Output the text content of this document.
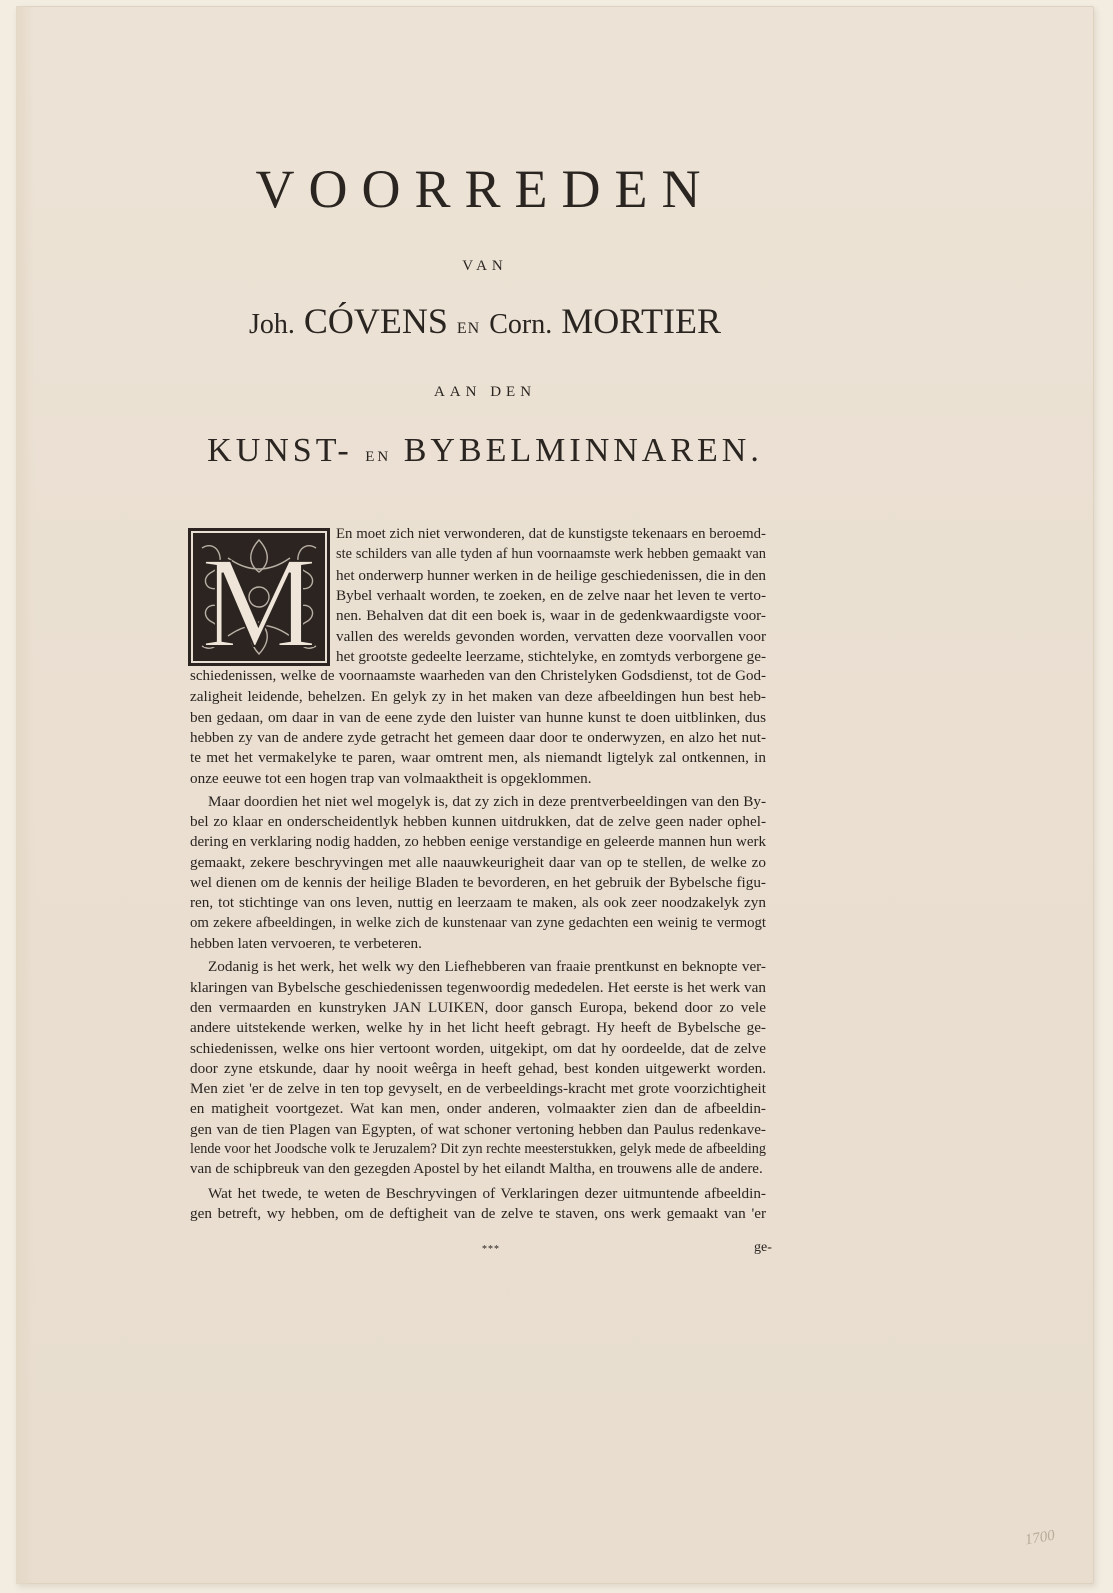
VOORREDEN
VAN
Joh. CÓVENS EN Corn. MORTIER
AAN DEN
KUNST- EN BYBELMINNAREN.
M En moet zich niet verwonderen, dat de kunstigste tekenaars en beroemd-
ste schilders van alle tyden af hun voornaamste werk hebben gemaakt van
het onderwerp hunner werken in de heilige geschiedenissen, die in den
Bybel verhaalt worden, te zoeken, en de zelve naar het leven te verto-
nen. Behalven dat dit een boek is, waar in de gedenkwaardigste voor-
vallen des werelds gevonden worden, vervatten deze voorvallen voor
het grootste gedeelte leerzame, stichtelyke, en zomtyds verborgene ge-
schiedenissen, welke de voornaamste waarheden van den Christelyken Godsdienst, tot de God-
zaligheit leidende, behelzen. En gelyk zy in het maken van deze afbeeldingen hun best heb-
ben gedaan, om daar in van de eene zyde den luister van hunne kunst te doen uitblinken, dus
hebben zy van de andere zyde getracht het gemeen daar door te onderwyzen, en alzo het nut-
te met het vermakelyke te paren, waar omtrent men, als niemandt ligtelyk zal ontkennen, in
onze eeuwe tot een hogen trap van volmaaktheit is opgeklommen.
Maar doordien het niet wel mogelyk is, dat zy zich in deze prentverbeeldingen van den By-
bel zo klaar en onderscheidentlyk hebben kunnen uitdrukken, dat de zelve geen nader ophel-
dering en verklaring nodig hadden, zo hebben eenige verstandige en geleerde mannen hun werk
gemaakt, zekere beschryvingen met alle naauwkeurigheit daar van op te stellen, de welke zo
wel dienen om de kennis der heilige Bladen te bevorderen, en het gebruik der Bybelsche figu-
ren, tot stichtinge van ons leven, nuttig en leerzaam te maken, als ook zeer noodzakelyk zyn
om zekere afbeeldingen, in welke zich de kunstenaar van zyne gedachten een weinig te vermogt
hebben laten vervoeren, te verbeteren.
Zodanig is het werk, het welk wy den Liefhebberen van fraaie prentkunst en beknopte ver-
klaringen van Bybelsche geschiedenissen tegenwoordig mededelen. Het eerste is het werk van
den vermaarden en kunstryken JAN LUIKEN, door gansch Europa, bekend door zo vele
andere uitstekende werken, welke hy in het licht heeft gebragt. Hy heeft de Bybelsche ge-
schiedenissen, welke ons hier vertoont worden, uitgekipt, om dat hy oordeelde, dat de zelve
door zyne etskunde, daar hy nooit weêrga in heeft gehad, best konden uitgewerkt worden.
Men ziet 'er de zelve in ten top gevyselt, en de verbeeldings-kracht met grote voorzichtigheit
en matigheit voortgezet. Wat kan men, onder anderen, volmaakter zien dan de afbeeldin-
gen van de tien Plagen van Egypten, of wat schoner vertoning hebben dan Paulus redenkave-
lende voor het Joodsche volk te Jeruzalem? Dit zyn rechte meesterstukken, gelyk mede de afbeelding
van de schipbreuk van den gezegden Apostel by het eilandt Maltha, en trouwens alle de andere.
Wat het twede, te weten de Beschryvingen of Verklaringen dezer uitmuntende afbeeldin-
gen betreft, wy hebben, om de deftigheit van de zelve te staven, ons werk gemaakt van 'er
***	ge-
1700
